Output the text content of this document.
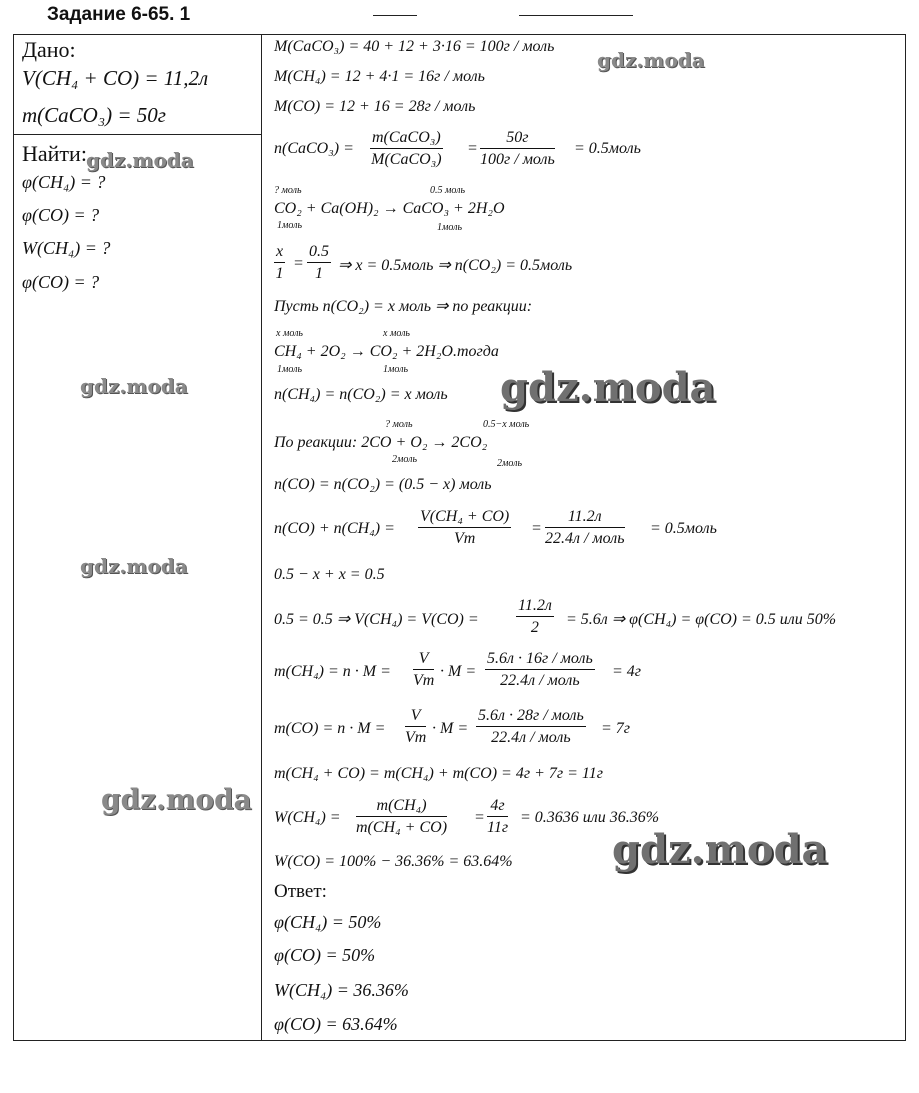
Задание 6-65. 1
Дано:
V(CH₄ + CO) = 11,2л
m(CaCO₃) = 50г
Найти:
φ(CH₄) = ?
φ(CO) = ?
W(CH₄) = ?
φ(CO) = ?
M(CaCO₃) = 40 + 12 + 3·16 = 100г / моль
M(CH₄) = 12 + 4·1 = 16г / моль
M(CO) = 12 + 16 = 28г / моль
n(CaCO₃) =
m(CaCO₃)
M(CaCO₃)
=
50г
100г / моль
= 0.5моль
? моль	0.5 моль
CO₂ + Ca(OH)₂ → CaCO₃ + 2H₂O
1моль	1моль
$\frac{x}{1} = \frac{0.5}{1}$ ⇒ x = 0.5моль ⇒ n(CO₂) = 0.5моль
Пусть n(CO₂) = x моль ⇒ по реакции:
x моль	x моль
CH₄ + 2O₂ → CO₂ + 2H₂O.тогда
1моль	1моль
n(CH₄) = n(CO₂) = x моль
? моль	0.5−x моль
По реакции: 2CO + O₂ → 2CO₂
2моль	2моль
n(CO) = n(CO₂) = (0.5 − x) моль
$n(CO) + n(CH_4) = \frac{\text{V(CH₄ + CO)}}{Vm}$ =
11.2л
22.4л / моль
= 0.5моль
0.5 − x + x = 0.5
0.5 = 0.5 ⇒ V(CH₄) = V(CO) =
11.2л
2	= 5.6л ⇒ φ(CH₄) = φ(CO) = 0.5 или 50%
$m(CH_4) = n \cdot M = \frac{V}{Vm} \cdot M$ =
5.6л · 16г / моль
22.4л / моль
= 4г
$m(CO) = n \cdot M = \frac{V}{Vm} \cdot M$ =
5.6л · 28г / моль
22.4л / моль
= 7г
m(CH₄ + CO) = m(CH₄) + m(CO) = 4г + 7г = 11г
$W(CH_4) = \frac{\text{m(CH₄)}}{\text{m(CH₄ + CO)}}$ =
4г
11г
= 0.3636 или 36.36%
W(CO) = 100% − 36.36% = 63.64%
Ответ:
φ(CH₄) = 50%
φ(CO) = 50%
W(CH₄) = 36.36%
φ(CO) = 63.64%
gdz.moda
gdz.moda
gdz.moda	gdz.moda
gdz.moda
gdz.moda
gdz.moda
